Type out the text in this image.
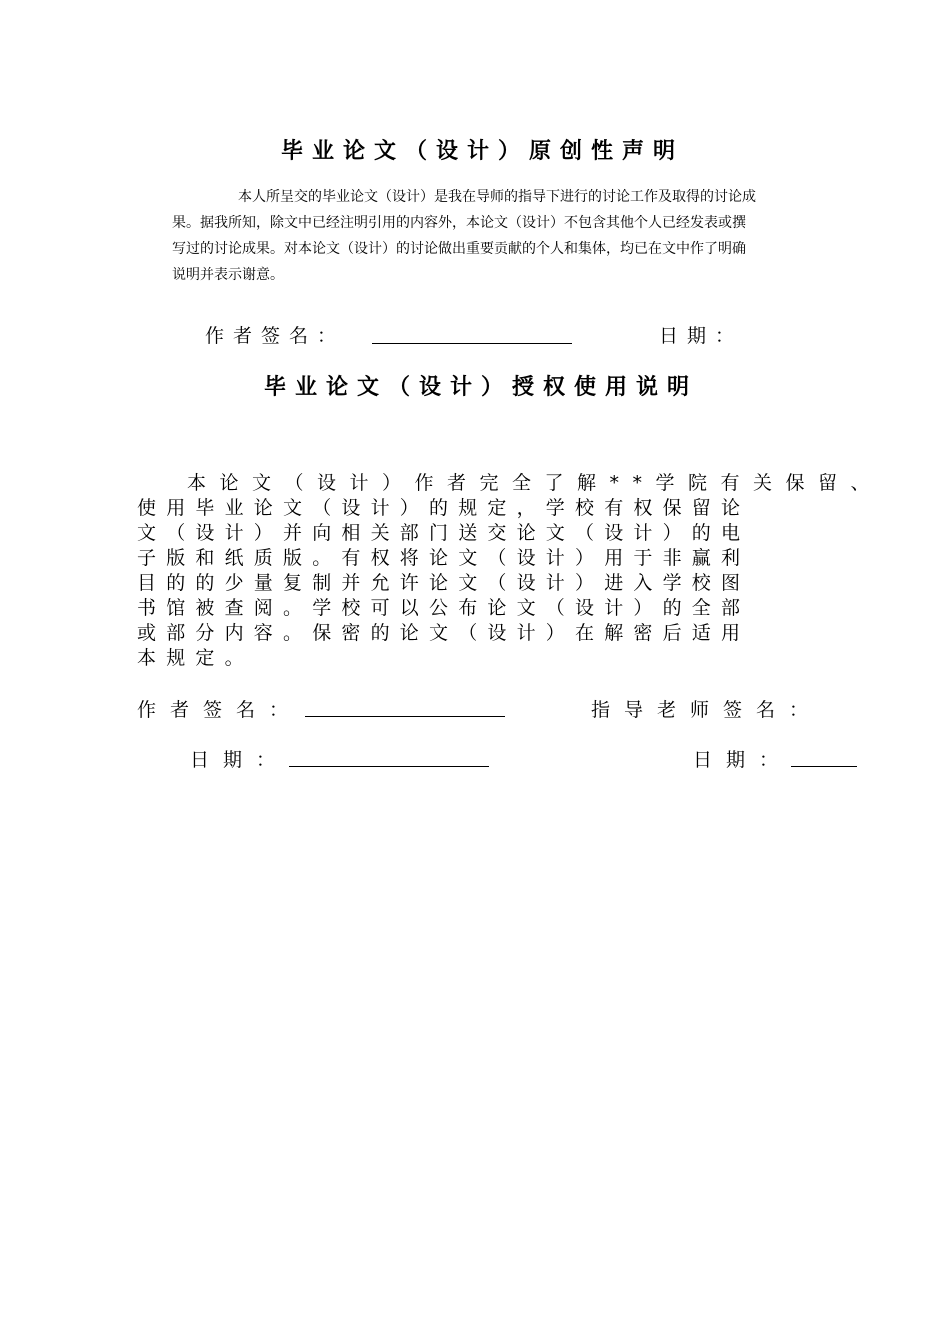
毕业论文（设计）原创性声明
本人所呈交的毕业论文（设计）是我在导师的指导下进行的讨论工作及取得的讨论成
果。据我所知，除文中已经注明引用的内容外，本论文（设计）不包含其他个人已经发表或撰
写过的讨论成果。对本论文（设计）的讨论做出重要贡献的个人和集体，均已在文中作了明确
说明并表示谢意。
作者签名：	日期：
毕业论文（设计）授权使用说明
本论文（设计）作者完全了解**学院有关保留、
使用毕业论文（设计）的规定，学校有权保留论
文（设计）并向相关部门送交论文（设计）的电
子版和纸质版。有权将论文（设计）用于非赢利
目的的少量复制并允许论文（设计）进入学校图
书馆被查阅。学校可以公布论文（设计）的全部
或部分内容。保密的论文（设计）在解密后适用
本规定。
作者签名：	指导老师签名：
日期：	日期：
